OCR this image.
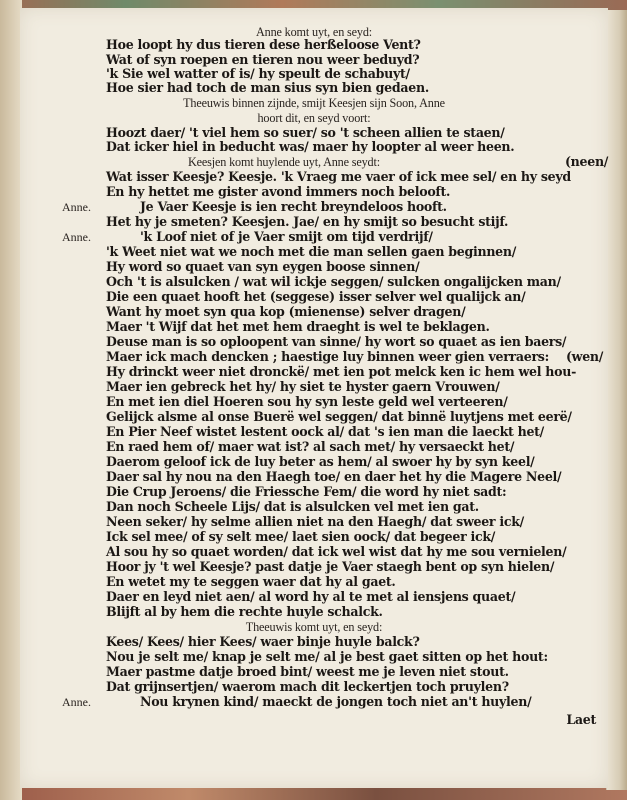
Anne komt uyt, en seyd:
Hoe loopt hy dus tieren dese herßeloose Vent?
Wat of syn roepen en tieren nou weer beduyd?
'k Sie wel watter of is/ hy speult de schabuyt/
Hoe sier had toch de man sius syn bien gedaen.
Theeuwis binnen zijnde, smijt Keesjen sijn Soon, Anne
hoort dit, en seyd voort:
Hoozt daer/ 't viel hem so suer/ so 't scheen allien te staen/
Dat icker hiel in beducht was/ maer hy loopter al weer heen.
Keesjen komt huylende uyt, Anne seydt:
Wat isser Keesje? Keesje. 'k Vraeg me vaer of ick mee sel/ en hy seyd
En hy hettet me gister avond immers noch belooft.
Je Vaer Keesje is ien recht breyndeloos hooft.
Het hy je smeten? Keesjen. Jae/ en hy smijt so besucht stijf.
'k Loof niet of je Vaer smijt om tijd verdrijf/
'k Weet niet wat we noch met die man sellen gaen beginnen/
Hy word so quaet van syn eygen boose sinnen/
Och 't is alsulcken / wat wil ickje seggen/ sulcken ongalijcken man/
Die een quaet hooft het (seggese) isser selver wel qualijck an/
Want hy moet syn qua kop (mienense) selver dragen/
Maer 't Wijf dat het met hem draeght is wel te beklagen.
Deuse man is so oploopent van sinne/ hy wort so quaet as ien baers/
Maer ick mach dencken ; haestige luy binnen weer gien verraers:
Hy drinckt weer niet dronckë/ met ien pot melck ken ic hem wel hou-
Maer ien gebreck het hy/ hy siet te hyster gaern Vrouwen/
En met ien diel Hoeren sou hy syn leste geld wel verteeren/
Gelijck alsme al onse Buerë wel seggen/ dat binnë luytjens met eerë/
En Pier Neef wistet lestent oock al/ dat 's ien man die laeckt het/
En raed hem of/ maer wat ist? al sach met/ hy versaeckt het/
Daerom geloof ick de luy beter as hem/ al swoer hy by syn keel/
Daer sal hy nou na den Haegh toe/ en daer het hy die Magere Neel/
Die Crup Jeroens/ die Friessche Fem/ die word hy niet sadt:
Dan noch Scheele Lijs/ dat is alsulcken vel met ien gat.
Neen seker/ hy selme allien niet na den Haegh/ dat sweer ick/
Ick sel mee/ of sy selt mee/ laet sien oock/ dat begeer ick/
Al sou hy so quaet worden/ dat ick wel wist dat hy me sou vernielen/
Hoor jy 't wel Keesje? past datje je Vaer staegh bent op syn hielen/
En wetet my te seggen waer dat hy al gaet.
Daer en leyd niet aen/ al word hy al te met al iensjens quaet/
Blijft al by hem die rechte huyle schalck.
Theeuwis komt uyt, en seyd:
Kees/ Kees/ hier Kees/ waer binje huyle balck?
Nou je selt me/ knap je selt me/ al je best gaet sitten op het hout:
Maer pastme datje broed bint/ weest me je leven niet stout.
Dat grijnsertjen/ waerom mach dit leckertjen toch pruylen?
Nou krynen kind/ maeckt de jongen toch niet an't huylen/
Laet
(neen/
(wen/
Anne.
Anne.
Anne.
